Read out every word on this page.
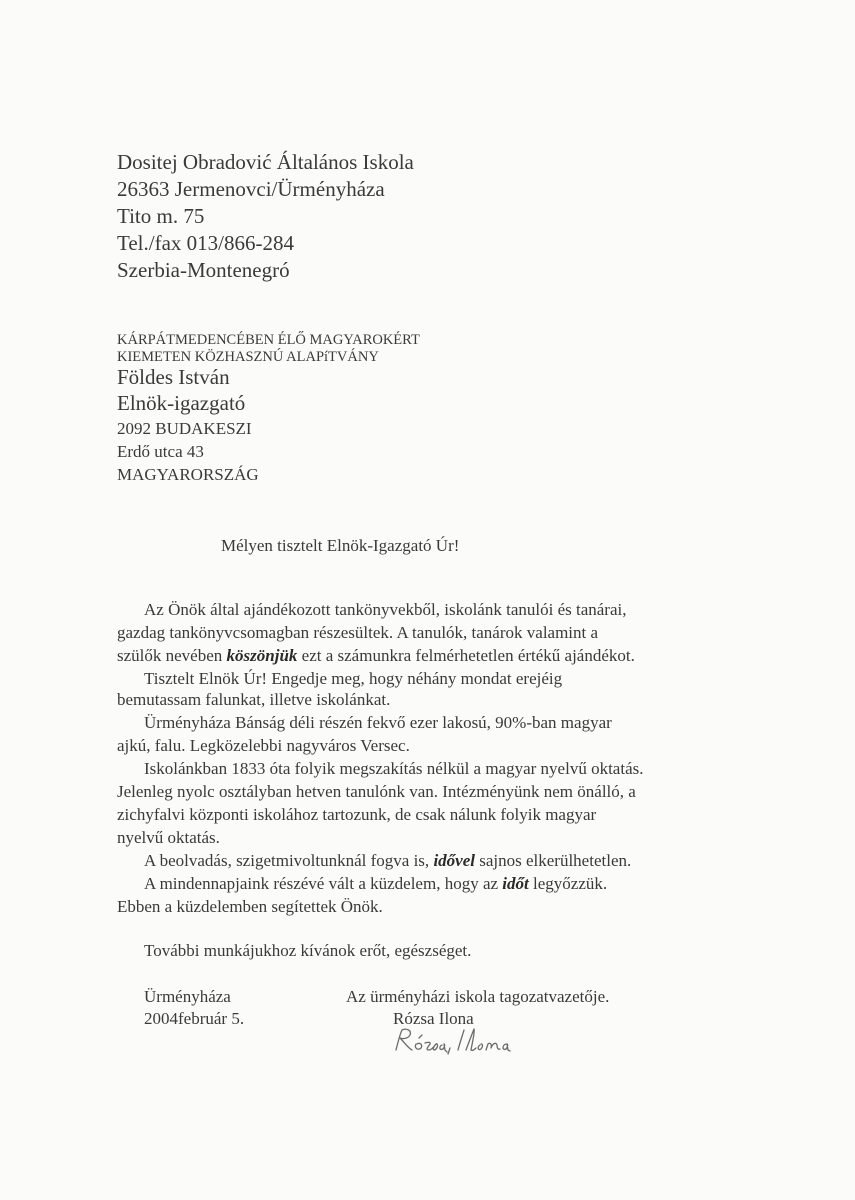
Dositej Obradović Általános Iskola
26363 Jermenovci/Ürményháza
Tito m. 75
Tel./fax 013/866-284
Szerbia-Montenegró
KÁRPÁTMEDENCÉBEN ÉLŐ MAGYAROKÉRT
KIEMETEN KÖZHASZNÚ ALAPíTVÁNY
Földes István
Elnök-igazgató
2092 BUDAKESZI
Erdő utca 43
MAGYARORSZÁG
Mélyen tisztelt Elnök-Igazgató Úr!
Az Önök által ajándékozott tankönyvekből, iskolánk tanulói és tanárai,
gazdag tankönyvcsomagban részesültek. A tanulók, tanárok valamint a
szülők nevében köszönjük ezt a számunkra felmérhetetlen értékű ajándékot.
Tisztelt Elnök Úr! Engedje meg, hogy néhány mondat erejéig
bemutassam falunkat, illetve iskolánkat.
Ürményháza Bánság déli részén fekvő ezer lakosú, 90%-ban magyar
ajkú, falu. Legközelebbi nagyváros Versec.
Iskolánkban 1833 óta folyik megszakítás nélkül a magyar nyelvű oktatás.
Jelenleg nyolc osztályban hetven tanulónk van. Intézményünk nem önálló, a
zichyfalvi központi iskolához tartozunk, de csak nálunk folyik magyar
nyelvű oktatás.
A beolvadás, szigetmivoltunknál fogva is, idővel sajnos elkerülhetetlen.
A mindennapjaink részévé vált a küzdelem, hogy az időt legyőzzük.
Ebben a küzdelemben segítettek Önök.
További munkájukhoz kívánok erőt, egészséget.
Ürményháza
2004február 5.
Az ürményházi iskola tagozatvazetője.
Rózsa Ilona
